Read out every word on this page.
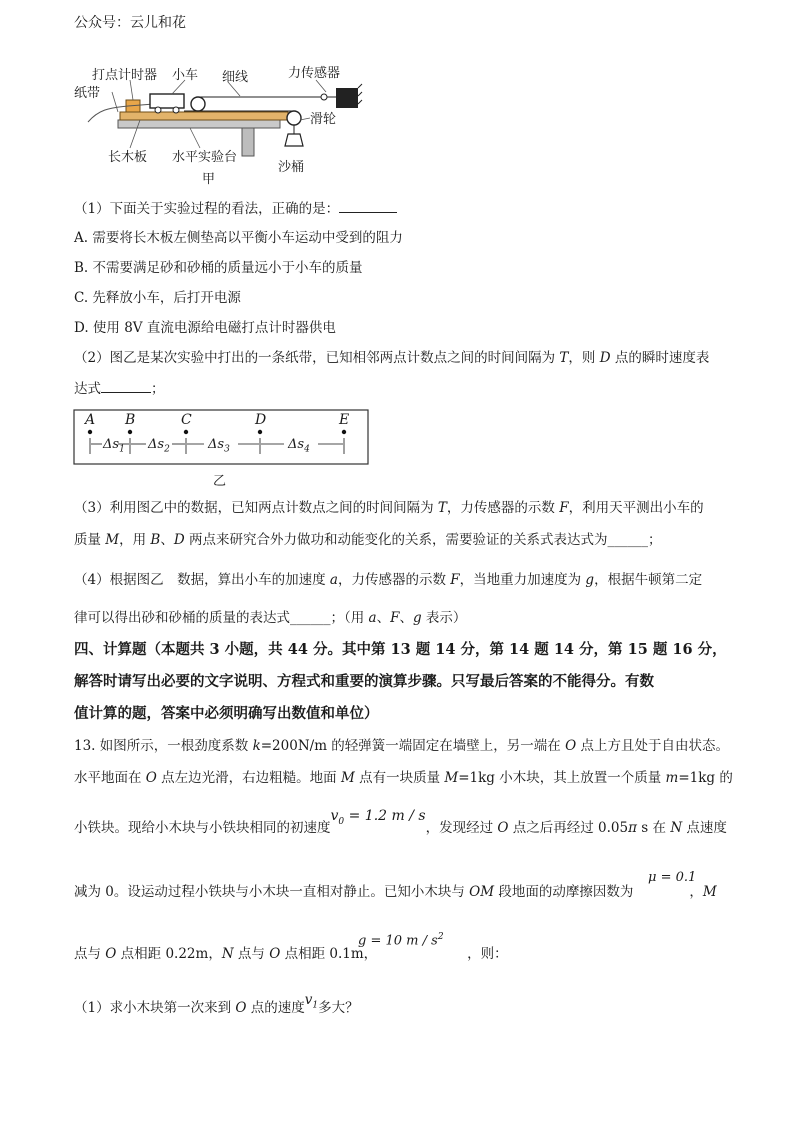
公众号：云儿和花
打点计时器 小车 细线	力传感器
纸带
滑轮
长木板 水平实验台
沙桶
甲
（1）下面关于实验过程的看法，正确的是：
A. 需要将长木板左侧垫高以平衡小车运动中受到的阻力
B. 不需要满足砂和砂桶的质量远小于小车的质量
C. 先释放小车，后打开电源
D. 使用 8V 直流电源给电磁打点计时器供电
（2）图乙是某次实验中打出的一条纸带，已知相邻两点计数点之间的时间间隔为 T，则 D 点的瞬时速度表
达式	；
A B	C	D	E
$\Delta s_1$ $\Delta s_2$	$\Delta s_3$	$\Delta s_4$
乙
（3）利用图乙中的数据，已知两点计数点之间的时间间隔为 T，力传感器的示数 F，利用天平测出小车的
质量 M，用 B、D 两点来研究合外力做功和动能变化的关系，需要验证的关系式表达式为______；
（4）根据图乙　数据，算出小车的加速度 a，力传感器的示数 F，当地重力加速度为 g，根据牛顿第二定
律可以得出砂和砂桶的质量的表达式______；（用 a、F、g 表示）
四、计算题（本题共 3 小题，共 44 分。其中第 13 题 14 分，第 14 题 14 分，第 15 题 16 分，
解答时请写出必要的文字说明、方程式和重要的演算步骤。只写最后答案的不能得分。有数
值计算的题，答案中必须明确写出数值和单位）
13. 如图所示，一根劲度系数 k=200N/m 的轻弹簧一端固定在墙壁上，另一端在 O 点上方且处于自由状态。
水平地面在 O 点左边光滑，右边粗糙。地面 M 点有一块质量 M=1kg 小木块，其上放置一个质量 m=1kg 的
小铁块。现给小木块与小铁块相同的初速度$v_0 = 1.2$ m / s，发现经过 O 点之后再经过 0.05π s 在 N 点速度
μ = 0.1
减为 0。设运动过程小铁块与小木块一直相对静止。已知小木块与 OM 段地面的动摩擦因数为	，M
g = 10 m / $s^2$
点与 O 点相距 0.22m，N 点与 O 点相距 0.1m，	，则：
（1）求小木块第一次来到 O 点的速度$v_1$多大？
